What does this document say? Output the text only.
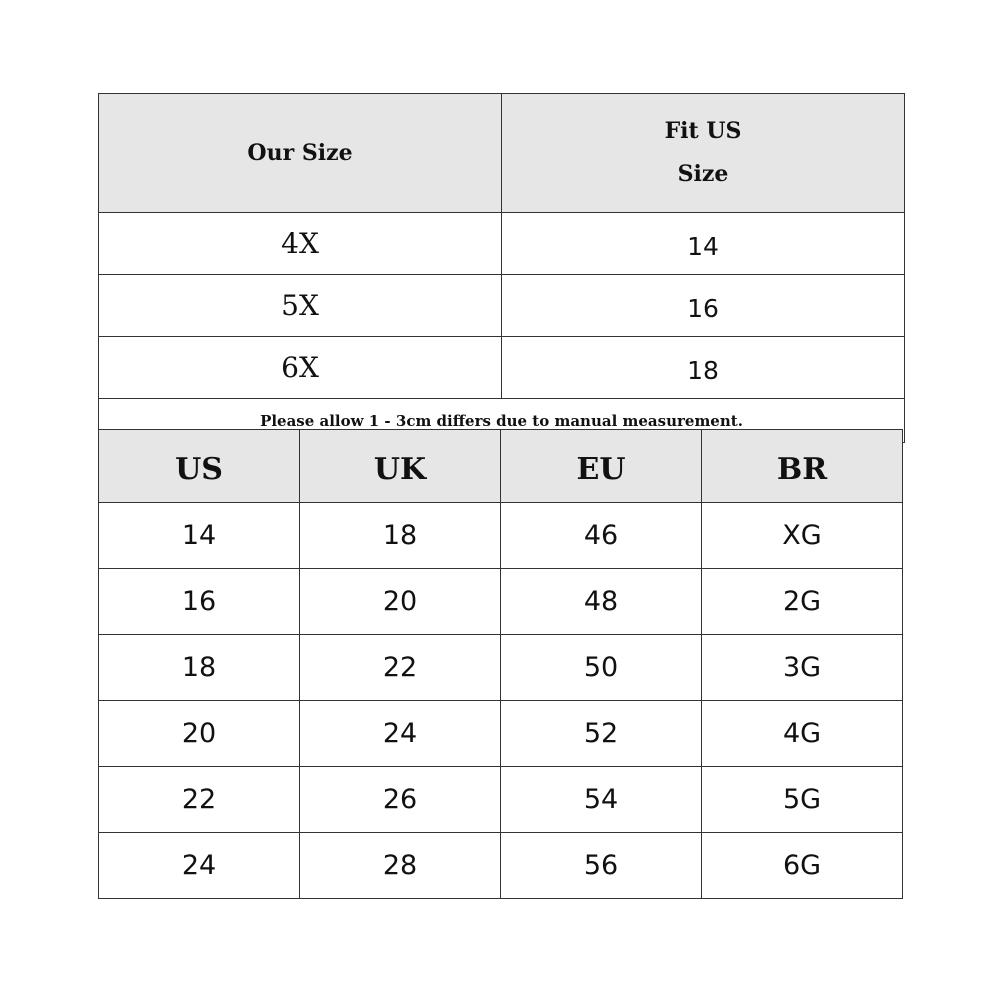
Our Size	Fit US
Size

4X	14
5X	16
6X	18
Please allow 1 - 3cm differs due to manual measurement.	
US	UK	EU	BR
14	18	46	XG
16	20	48	2G
18	22	50	3G
20	24	52	4G
22	26	54	5G
24	28	56	6G
